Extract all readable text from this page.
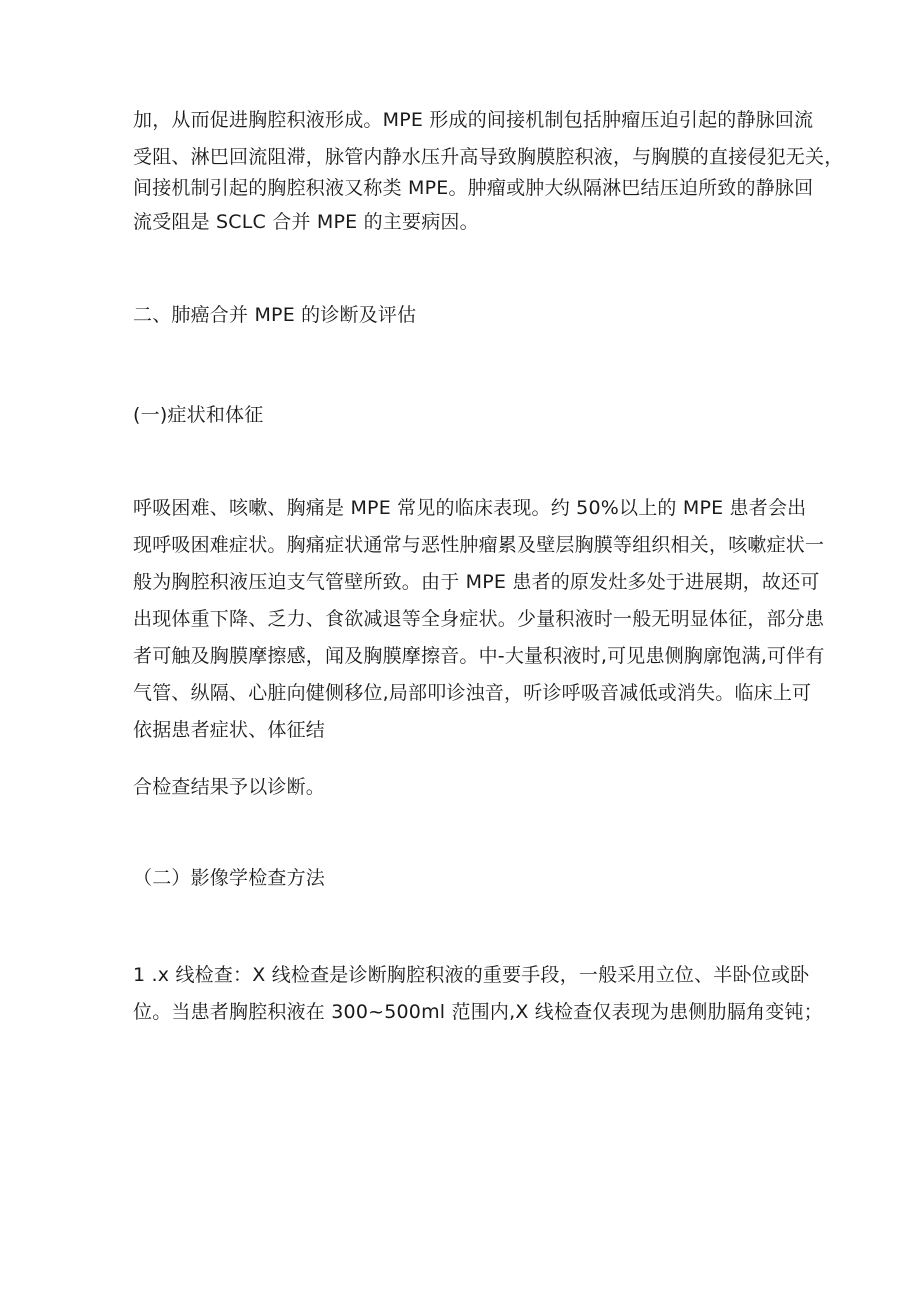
加，从而促进胸腔积液形成。MPE 形成的间接机制包括肿瘤压迫引起的静脉回流
受阻、淋巴回流阻滞，脉管内静水压升高导致胸膜腔积液，与胸膜的直接侵犯无关，
间接机制引起的胸腔积液又称类 MPE。肿瘤或肿大纵隔淋巴结压迫所致的静脉回
流受阻是 SCLC 合并 MPE 的主要病因。
二、肺癌合并 MPE 的诊断及评估
(一)症状和体征
呼吸困难、咳嗽、胸痛是 MPE 常见的临床表现。约 50%以上的 MPE 患者会出
现呼吸困难症状。胸痛症状通常与恶性肿瘤累及壁层胸膜等组织相关，咳嗽症状一
般为胸腔积液压迫支气管壁所致。由于 MPE 患者的原发灶多处于进展期，故还可
出现体重下降、乏力、食欲减退等全身症状。少量积液时一般无明显体征，部分患
者可触及胸膜摩擦感，闻及胸膜摩擦音。中-大量积液时,可见患侧胸廓饱满,可伴有
气管、纵隔、心脏向健侧移位,局部叩诊浊音，听诊呼吸音减低或消失。临床上可
依据患者症状、体征结
合检查结果予以诊断。
（二）影像学检查方法
1 .x 线检查：X 线检查是诊断胸腔积液的重要手段，一般采用立位、半卧位或卧
位。当患者胸腔积液在 300~500ml 范围内,X 线检查仅表现为患侧肋膈角变钝；
